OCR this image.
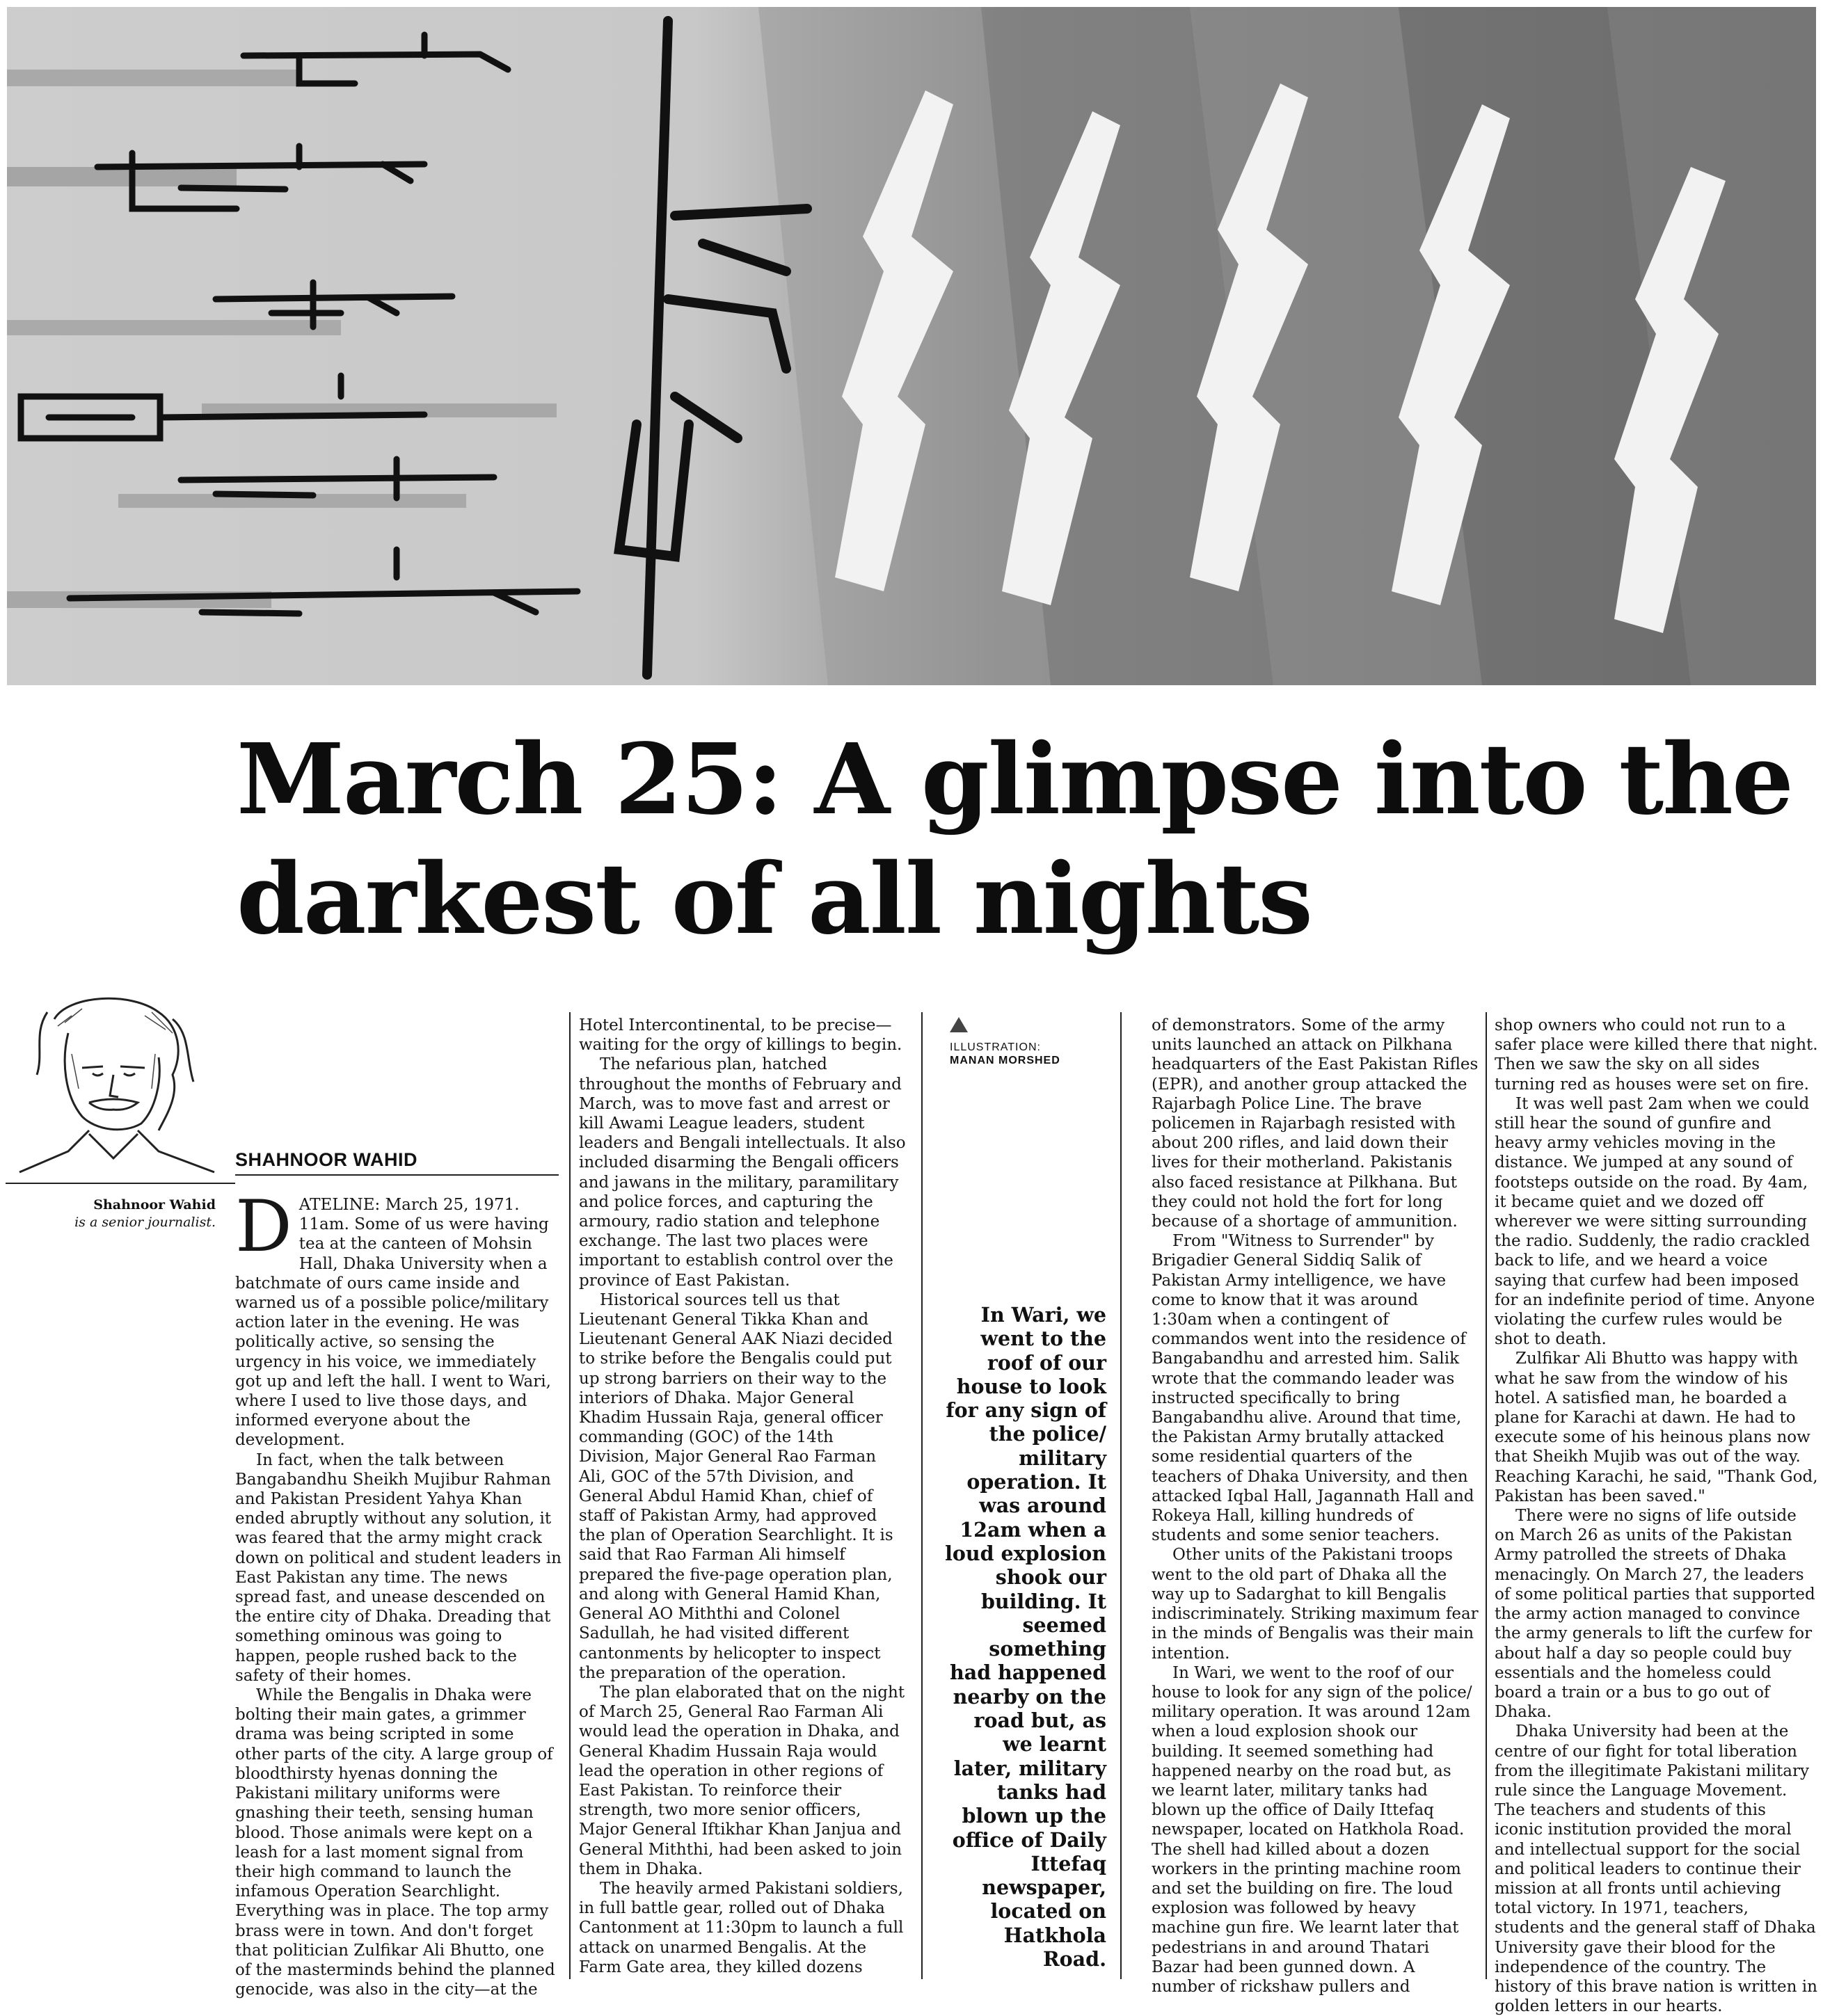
March 25: A glimpse into the darkest of all nights
SHAHNOOR WAHID
Shahnoor Wahid
is a senior journalist. DATELINE: March 25, 1971. 11am. Some of us were having tea at the canteen of Mohsin Hall, Dhaka University when a batchmate of ours came inside and warned us of a possible police/military action later in the evening. He was politically active, so sensing the urgency in his voice, we immediately got up and left the hall. I went to Wari, where I used to live those days, and informed everyone about the development.

In fact, when the talk between Bangabandhu Sheikh Mujibur Rahman and Pakistan President Yahya Khan ended abruptly without any solution, it was feared that the army might crack down on political and student leaders in East Pakistan any time. The news spread fast, and unease descended on the entire city of Dhaka. Dreading that something ominous was going to happen, people rushed back to the safety of their homes.

While the Bengalis in Dhaka were bolting their main gates, a grimmer drama was being scripted in some other parts of the city. A large group of bloodthirsty hyenas donning the Pakistani military uniforms were gnashing their teeth, sensing human blood. Those animals were kept on a leash for a last moment signal from their high command to launch the infamous Operation Searchlight. Everything was in place. The top army brass were in town. And don't forget that politician Zulfikar Ali Bhutto, one of the masterminds behind the planned genocide, was also in the city—at the

Hotel Intercontinental, to be precise—waiting for the orgy of killings to begin.

The nefarious plan, hatched throughout the months of February and March, was to move fast and arrest or kill Awami League leaders, student leaders and Bengali intellectuals. It also included disarming the Bengali officers and jawans in the military, paramilitary and police forces, and capturing the armoury, radio station and telephone exchange. The last two places were important to establish control over the province of East Pakistan.

Historical sources tell us that Lieutenant General Tikka Khan and Lieutenant General AAK Niazi decided to strike before the Bengalis could put up strong barriers on their way to the interiors of Dhaka. Major General Khadim Hussain Raja, general officer commanding (GOC) of the 14th Division, Major General Rao Farman Ali, GOC of the 57th Division, and General Abdul Hamid Khan, chief of staff of Pakistan Army, had approved the plan of Operation Searchlight. It is said that Rao Farman Ali himself prepared the five-page operation plan, and along with General Hamid Khan, General AO Miththi and Colonel Sadullah, he had visited different cantonments by helicopter to inspect the preparation of the operation.

The plan elaborated that on the night of March 25, General Rao Farman Ali would lead the operation in Dhaka, and General Khadim Hussain Raja would lead the operation in other regions of East Pakistan. To reinforce their strength, two more senior officers, Major General Iftikhar Khan Janjua and General Miththi, had been asked to join them in Dhaka.

The heavily armed Pakistani soldiers, in full battle gear, rolled out of Dhaka Cantonment at 11:30pm to launch a full attack on unarmed Bengalis. At the Farm Gate area, they killed dozens

ILLUSTRATION:
MANAN MORSHED
In Wari, we went to the roof of our house to look for any sign of the police/ military operation. It was around 12am when a loud explosion shook our building. It seemed something had happened nearby on the road but, as we learnt later, military tanks had blown up the office of Daily Ittefaq newspaper, located on Hatkhola Road.

of demonstrators. Some of the army units launched an attack on Pilkhana headquarters of the East Pakistan Rifles (EPR), and another group attacked the Rajarbagh Police Line. The brave policemen in Rajarbagh resisted with about 200 rifles, and laid down their lives for their motherland. Pakistanis also faced resistance at Pilkhana. But they could not hold the fort for long because of a shortage of ammunition.

From "Witness to Surrender" by Brigadier General Siddiq Salik of Pakistan Army intelligence, we have come to know that it was around 1:30am when a contingent of commandos went into the residence of Bangabandhu and arrested him. Salik wrote that the commando leader was instructed specifically to bring Bangabandhu alive. Around that time, the Pakistan Army brutally attacked some residential quarters of the teachers of Dhaka University, and then attacked Iqbal Hall, Jagannath Hall and Rokeya Hall, killing hundreds of students and some senior teachers.

Other units of the Pakistani troops went to the old part of Dhaka all the way up to Sadarghat to kill Bengalis indiscriminately. Striking maximum fear in the minds of Bengalis was their main intention.

In Wari, we went to the roof of our house to look for any sign of the police/ military operation. It was around 12am when a loud explosion shook our building. It seemed something had happened nearby on the road but, as we learnt later, military tanks had blown up the office of Daily Ittefaq newspaper, located on Hatkhola Road. The shell had killed about a dozen workers in the printing machine room and set the building on fire. The loud explosion was followed by heavy machine gun fire. We learnt later that pedestrians in and around Thatari Bazar had been gunned down. A number of rickshaw pullers and

shop owners who could not run to a safer place were killed there that night. Then we saw the sky on all sides turning red as houses were set on fire.

It was well past 2am when we could still hear the sound of gunfire and heavy army vehicles moving in the distance. We jumped at any sound of footsteps outside on the road. By 4am, it became quiet and we dozed off wherever we were sitting surrounding the radio. Suddenly, the radio crackled back to life, and we heard a voice saying that curfew had been imposed for an indefinite period of time. Anyone violating the curfew rules would be shot to death.

Zulfikar Ali Bhutto was happy with what he saw from the window of his hotel. A satisfied man, he boarded a plane for Karachi at dawn. He had to execute some of his heinous plans now that Sheikh Mujib was out of the way. Reaching Karachi, he said, "Thank God, Pakistan has been saved."

There were no signs of life outside on March 26 as units of the Pakistan Army patrolled the streets of Dhaka menacingly. On March 27, the leaders of some political parties that supported the army action managed to convince the army generals to lift the curfew for about half a day so people could buy essentials and the homeless could board a train or a bus to go out of Dhaka.

Dhaka University had been at the centre of our fight for total liberation from the illegitimate Pakistani military rule since the Language Movement. The teachers and students of this iconic institution provided the moral and intellectual support for the social and political leaders to continue their mission at all fronts until achieving total victory. In 1971, teachers, students and the general staff of Dhaka University gave their blood for the independence of the country. The history of this brave nation is written in golden letters in our hearts.
